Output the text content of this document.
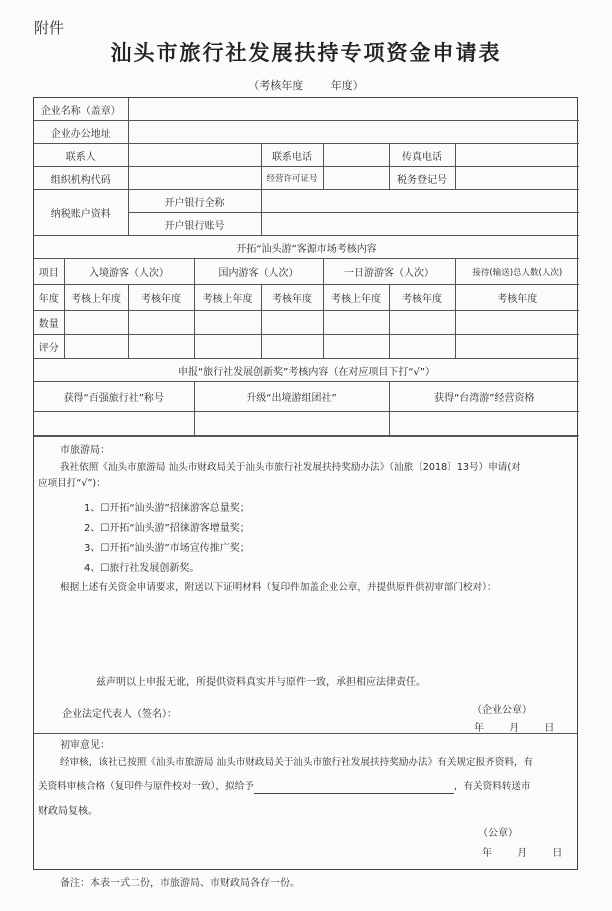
附件
汕头市旅行社发展扶持专项资金申请表
（考核年度	年度）
企业名称（盖章）							
企业办公地址							
联系人				联系电话		传真电话	
组织机构代码				经营许可证号		税务登记号	
纳税账户资料		开户银行全称					
		开户银行账号					
开拓“汕头游”客源市场考核内容							
项目	入境游客（人次）		国内游客（人次）		一日游游客（人次）		接待(输送)总人数(人次)
年度	考核上年度	考核年度	考核上年度	考核年度	考核上年度	考核年度	考核年度
数量							
评分							
申报“旅行社发展创新奖”考核内容（在对应项目下打“√”）							
获得“百强旅行社”称号			升级“出境游组团社”			获得“台湾游”经营资格	

市旅游局：
我社依照《汕头市旅游局 汕头市财政局关于汕头市旅行社发展扶持奖励办法》（汕旅〔2018〕13号）申请(对
应项目打“√”)：
1、☐开拓“汕头游”招徕游客总量奖；
2、☐开拓“汕头游”招徕游客增量奖；
3、☐开拓“汕头游”市场宣传推广奖；
4、☐旅行社发展创新奖。
根据上述有关资金申请要求，附送以下证明材料（复印件加盖企业公章，并提供原件供初审部门校对）：
兹声明以上申报无讹，所提供资料真实并与原件一致，承担相应法律责任。
企业法定代表人（签名）：	（企业公章）
年	月	日
初审意见：
经审核，该社已按照《汕头市旅游局 汕头市财政局关于汕头市旅行社发展扶持奖励办法》有关规定报齐资料，有
关资料审核合格（复印件与原件校对一致），拟给予	，有关资料转送市
财政局复核。
（公章）
年	月	日
备注：本表一式二份，市旅游局、市财政局各存一份。
